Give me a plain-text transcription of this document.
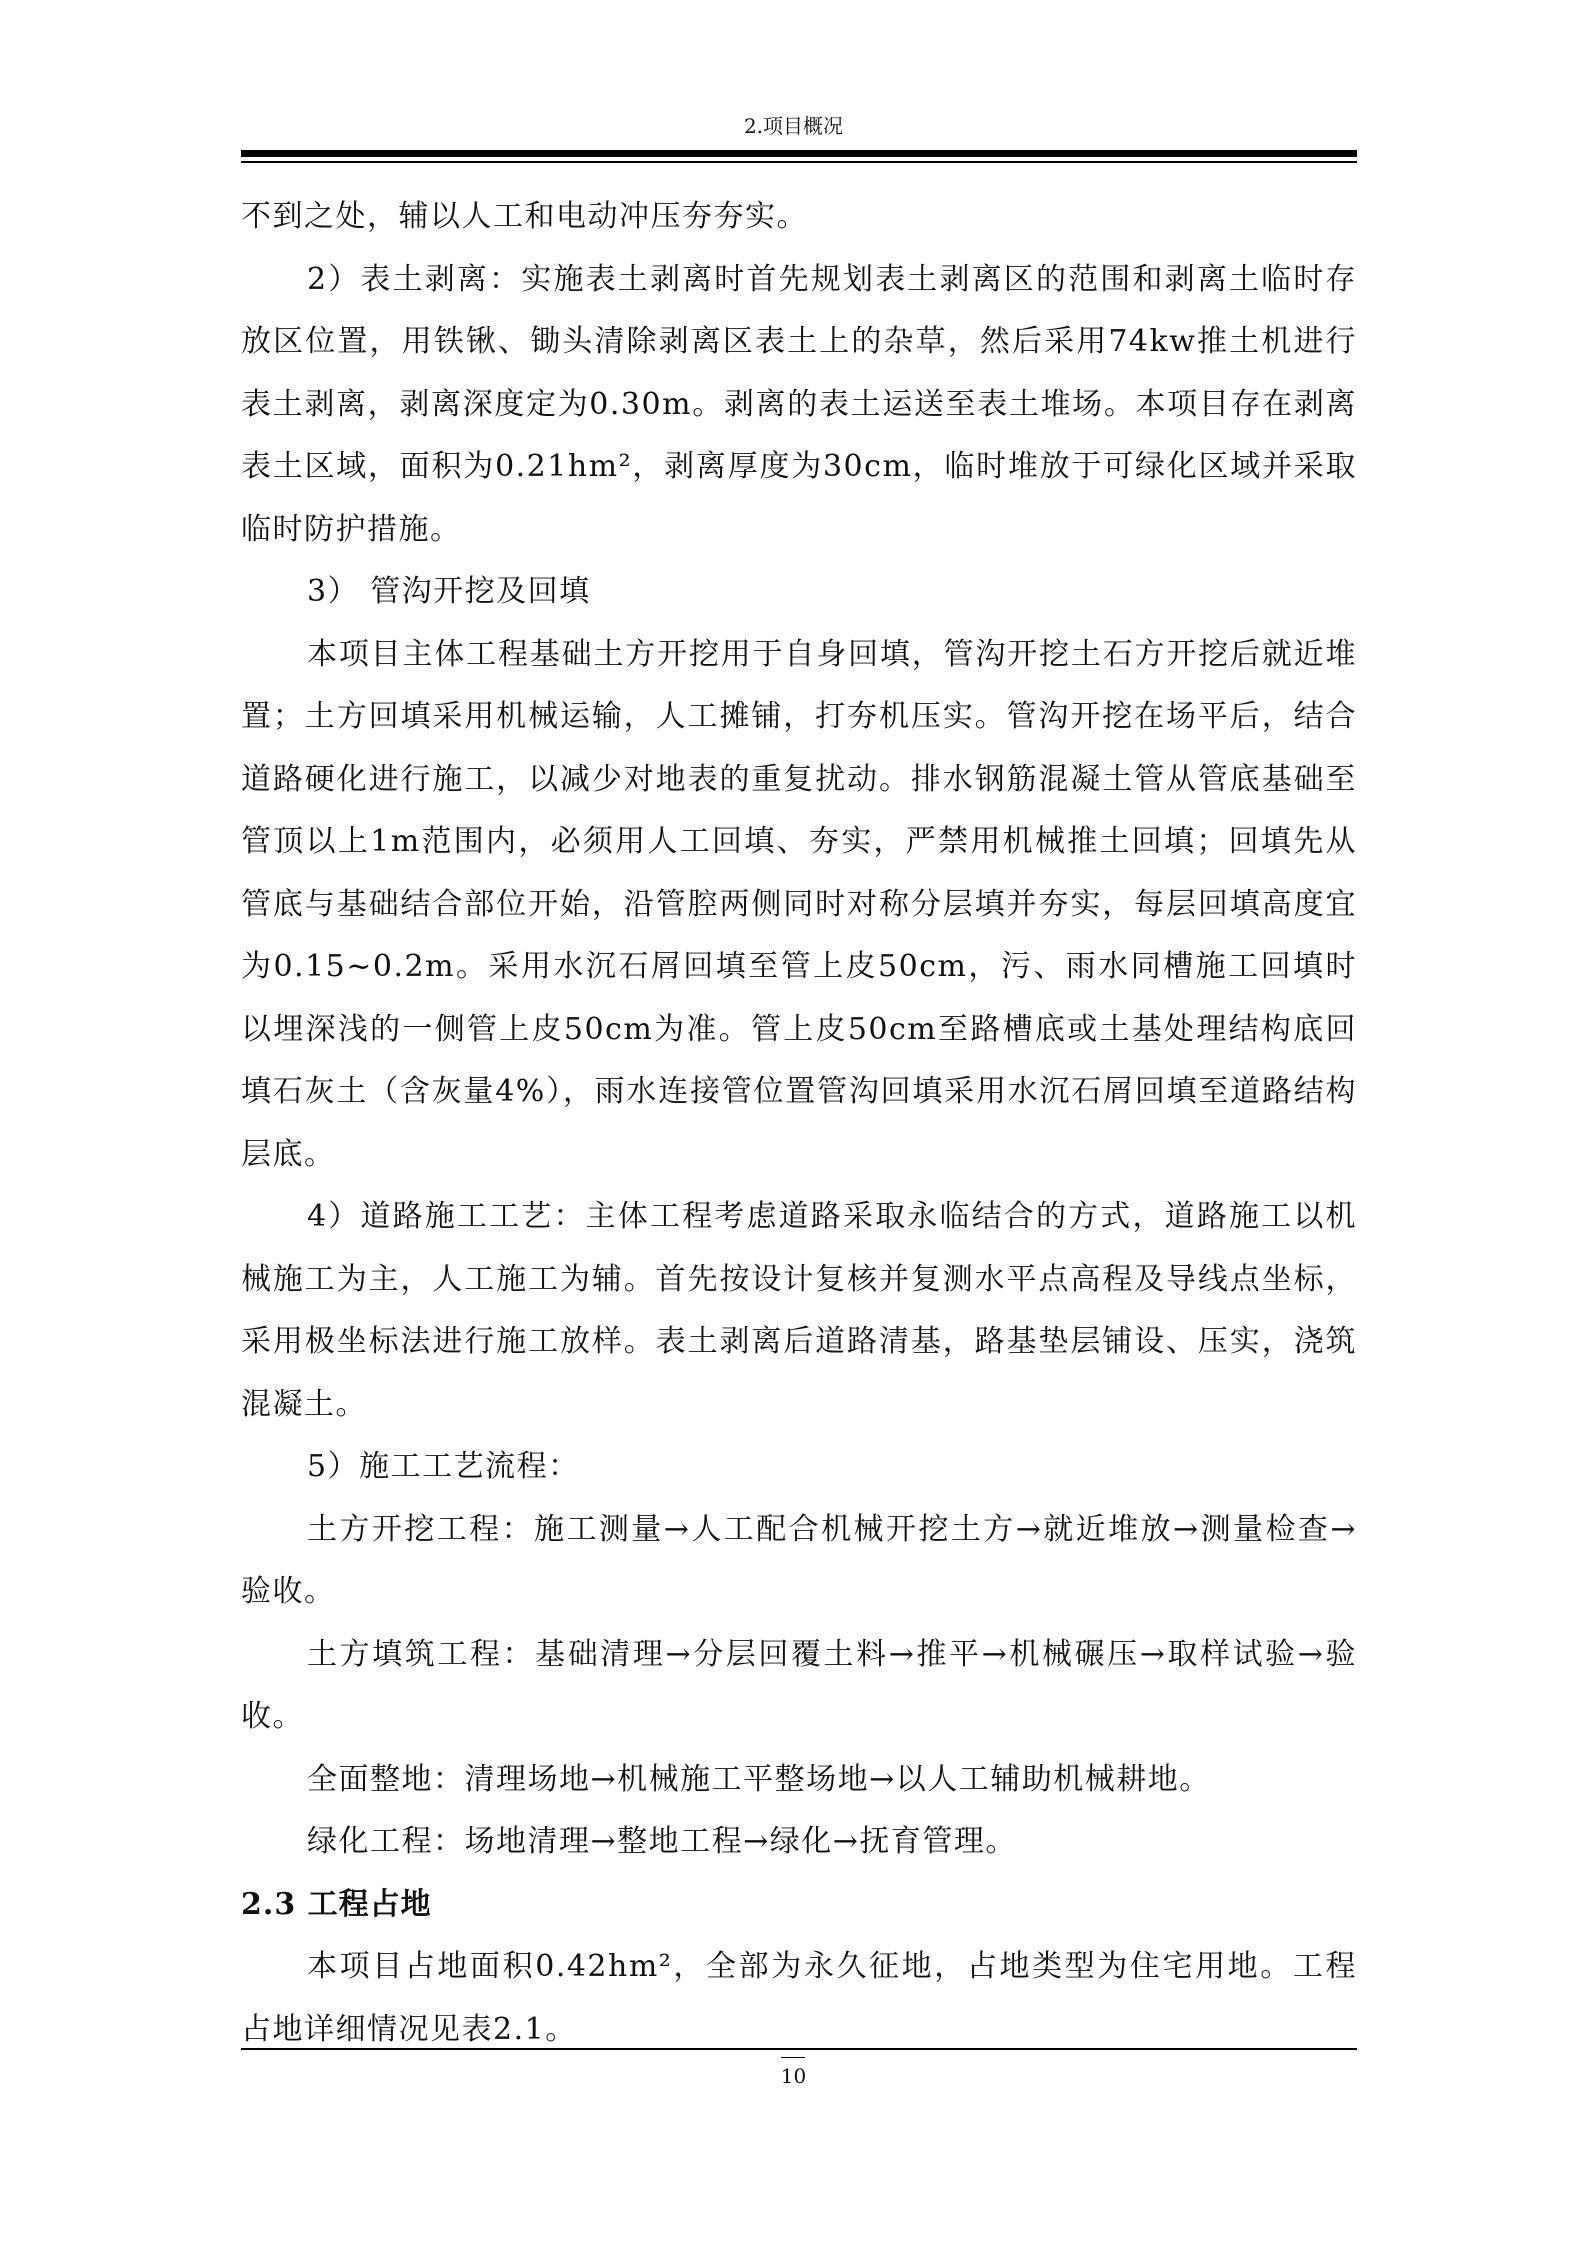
2.项目概况

不到之处，辅以人工和电动冲压夯夯实。

2）表土剥离：实施表土剥离时首先规划表土剥离区的范围和剥离土临时存放区位置，用铁锹、锄头清除剥离区表土上的杂草，然后采用74kw推土机进行表土剥离，剥离深度定为0.30m。剥离的表土运送至表土堆场。本项目存在剥离表土区域，面积为0.21hm²，剥离厚度为30cm，临时堆放于可绿化区域并采取临时防护措施。

3） 管沟开挖及回填

本项目主体工程基础土方开挖用于自身回填，管沟开挖土石方开挖后就近堆置；土方回填采用机械运输，人工摊铺，打夯机压实。管沟开挖在场平后，结合道路硬化进行施工，以减少对地表的重复扰动。排水钢筋混凝土管从管底基础至管顶以上1m范围内，必须用人工回填、夯实，严禁用机械推土回填；回填先从管底与基础结合部位开始，沿管腔两侧同时对称分层填并夯实，每层回填高度宜为0.15~0.2m。采用水沉石屑回填至管上皮50cm，污、雨水同槽施工回填时以埋深浅的一侧管上皮50cm为准。管上皮50cm至路槽底或土基处理结构底回填石灰土（含灰量4%），雨水连接管位置管沟回填采用水沉石屑回填至道路结构层底。

4）道路施工工艺：主体工程考虑道路采取永临结合的方式，道路施工以机械施工为主，人工施工为辅。首先按设计复核并复测水平点高程及导线点坐标，采用极坐标法进行施工放样。表土剥离后道路清基，路基垫层铺设、压实，浇筑混凝土。

5）施工工艺流程：

土方开挖工程：施工测量→人工配合机械开挖土方→就近堆放→测量检查→验收。

土方填筑工程：基础清理→分层回覆土料→推平→机械碾压→取样试验→验收。

全面整地：清理场地→机械施工平整场地→以人工辅助机械耕地。

绿化工程：场地清理→整地工程→绿化→抚育管理。

2.3 工程占地

本项目占地面积0.42hm²，全部为永久征地，占地类型为住宅用地。工程占地详细情况见表2.1。

10
